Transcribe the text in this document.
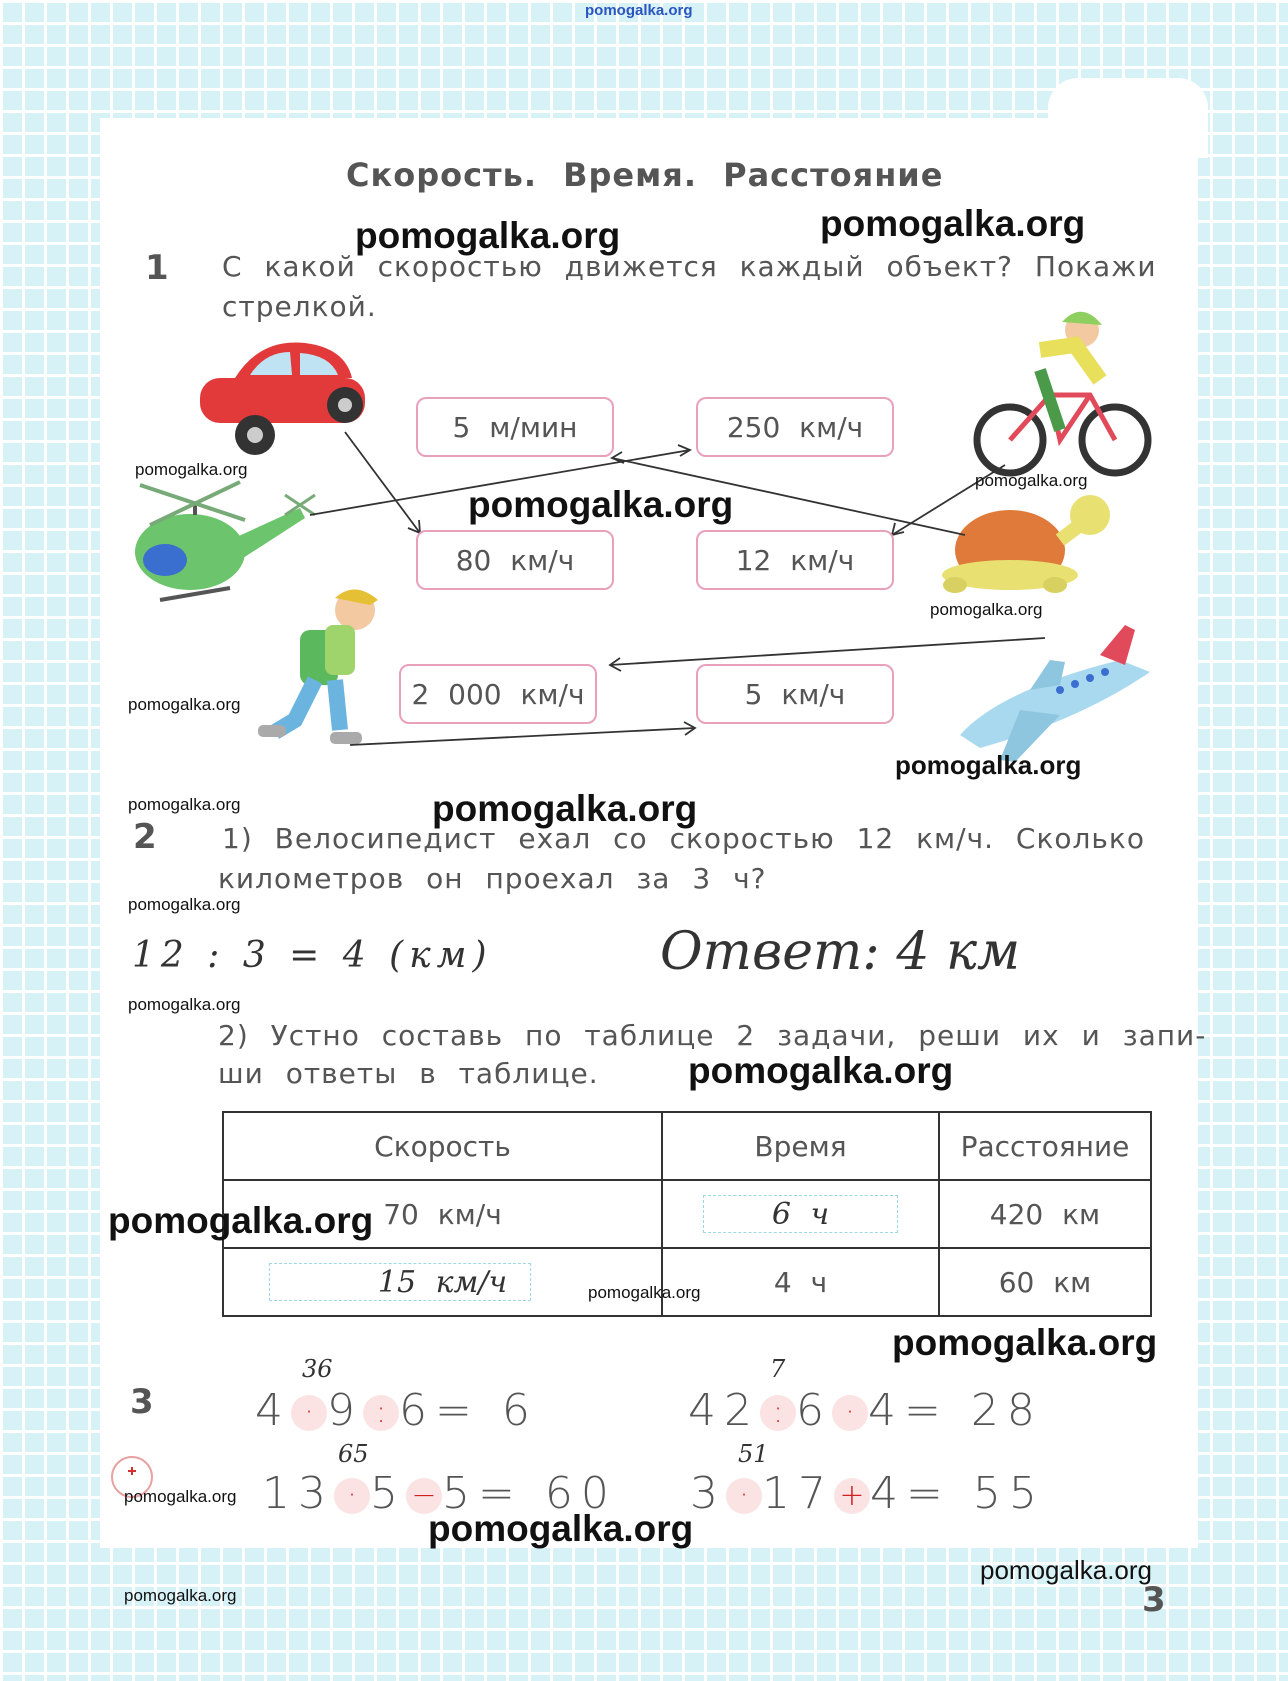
pomogalka.org
Скорость. Время. Расстояние
1 С какой скоростью движется каждый объект? Покажи
стрелкой.
5 м/мин	250 км/ч
80 км/ч	12 км/ч
2 000 км/ч	5 км/ч
2 1) Велосипедист ехал со скоростью 12 км/ч. Сколько
километров он проехал за 3 ч?
12 : 3 = 4 (км)	Ответ: 4 км
2) Устно составь по таблице 2 задачи, реши их и запи-
ши ответы в таблице.
Скорость	Время	Расстояние
70 км/ч	6 ч	420 км

15 км/ч	4 ч	60 км
3
36
4 · 9 : 6= 6
7
42 : 6 · 4= 28
65
13 · 5 − 5= 60
51
3 · 17 + 4= 55
3
pomogalka.org	pomogalka.org
pomogalka.org
pomogalka.org
pomogalka.org
pomogalka.org
pomogalka.org
pomogalka.org
pomogalka.org	pomogalka.org
pomogalka.org
pomogalka.org
pomogalka.org
pomogalka.org
pomogalka.org
pomogalka.org
pomogalka.org
pomogalka.org
pomogalka.org
pomogalka.org
